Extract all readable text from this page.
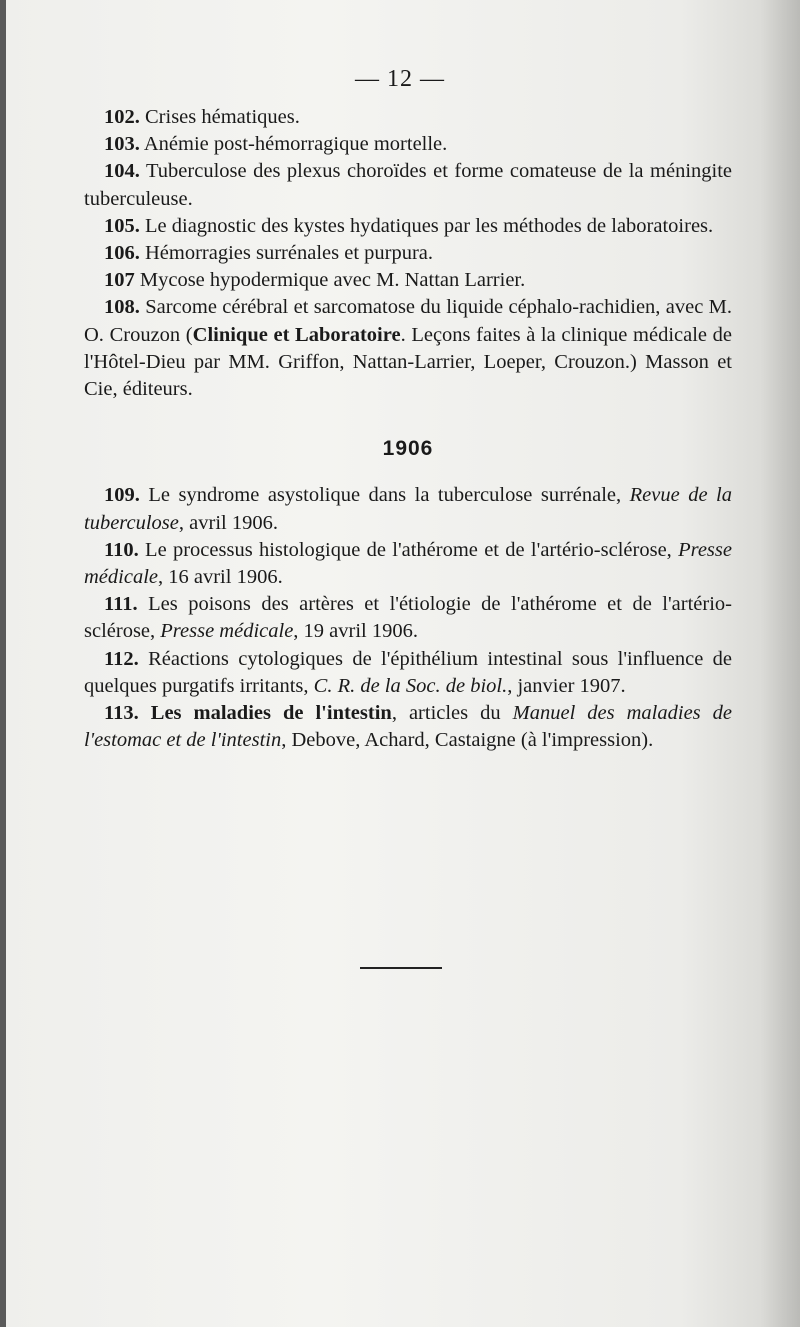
— 12 —

102. Crises hématiques.

103. Anémie post-hémorragique mortelle.

104. Tuberculose des plexus choroïdes et forme comateuse de la méningite tuberculeuse.

105. Le diagnostic des kystes hydatiques par les méthodes de laboratoires.

106. Hémorragies surrénales et purpura.

107 Mycose hypodermique avec M. Nattan Larrier.

108. Sarcome cérébral et sarcomatose du liquide céphalo-rachidien, avec M. O. Crouzon (Clinique et Laboratoire. Leçons faites à la clinique médicale de l'Hôtel-Dieu par MM. Griffon, Nattan-Larrier, Loeper, Crouzon.) Masson et Cie, éditeurs.

1906

109. Le syndrome asystolique dans la tuberculose surrénale, Revue de la tuberculose, avril 1906.

110. Le processus histologique de l'athérome et de l'artério-sclérose, Presse médicale, 16 avril 1906.

111. Les poisons des artères et l'étiologie de l'athérome et de l'artério-sclérose, Presse médicale, 19 avril 1906.

112. Réactions cytologiques de l'épithélium intestinal sous l'influence de quelques purgatifs irritants, C. R. de la Soc. de biol., janvier 1907.

113. Les maladies de l'intestin, articles du Manuel des maladies de l'estomac et de l'intestin, Debove, Achard, Castaigne (à l'impression).
